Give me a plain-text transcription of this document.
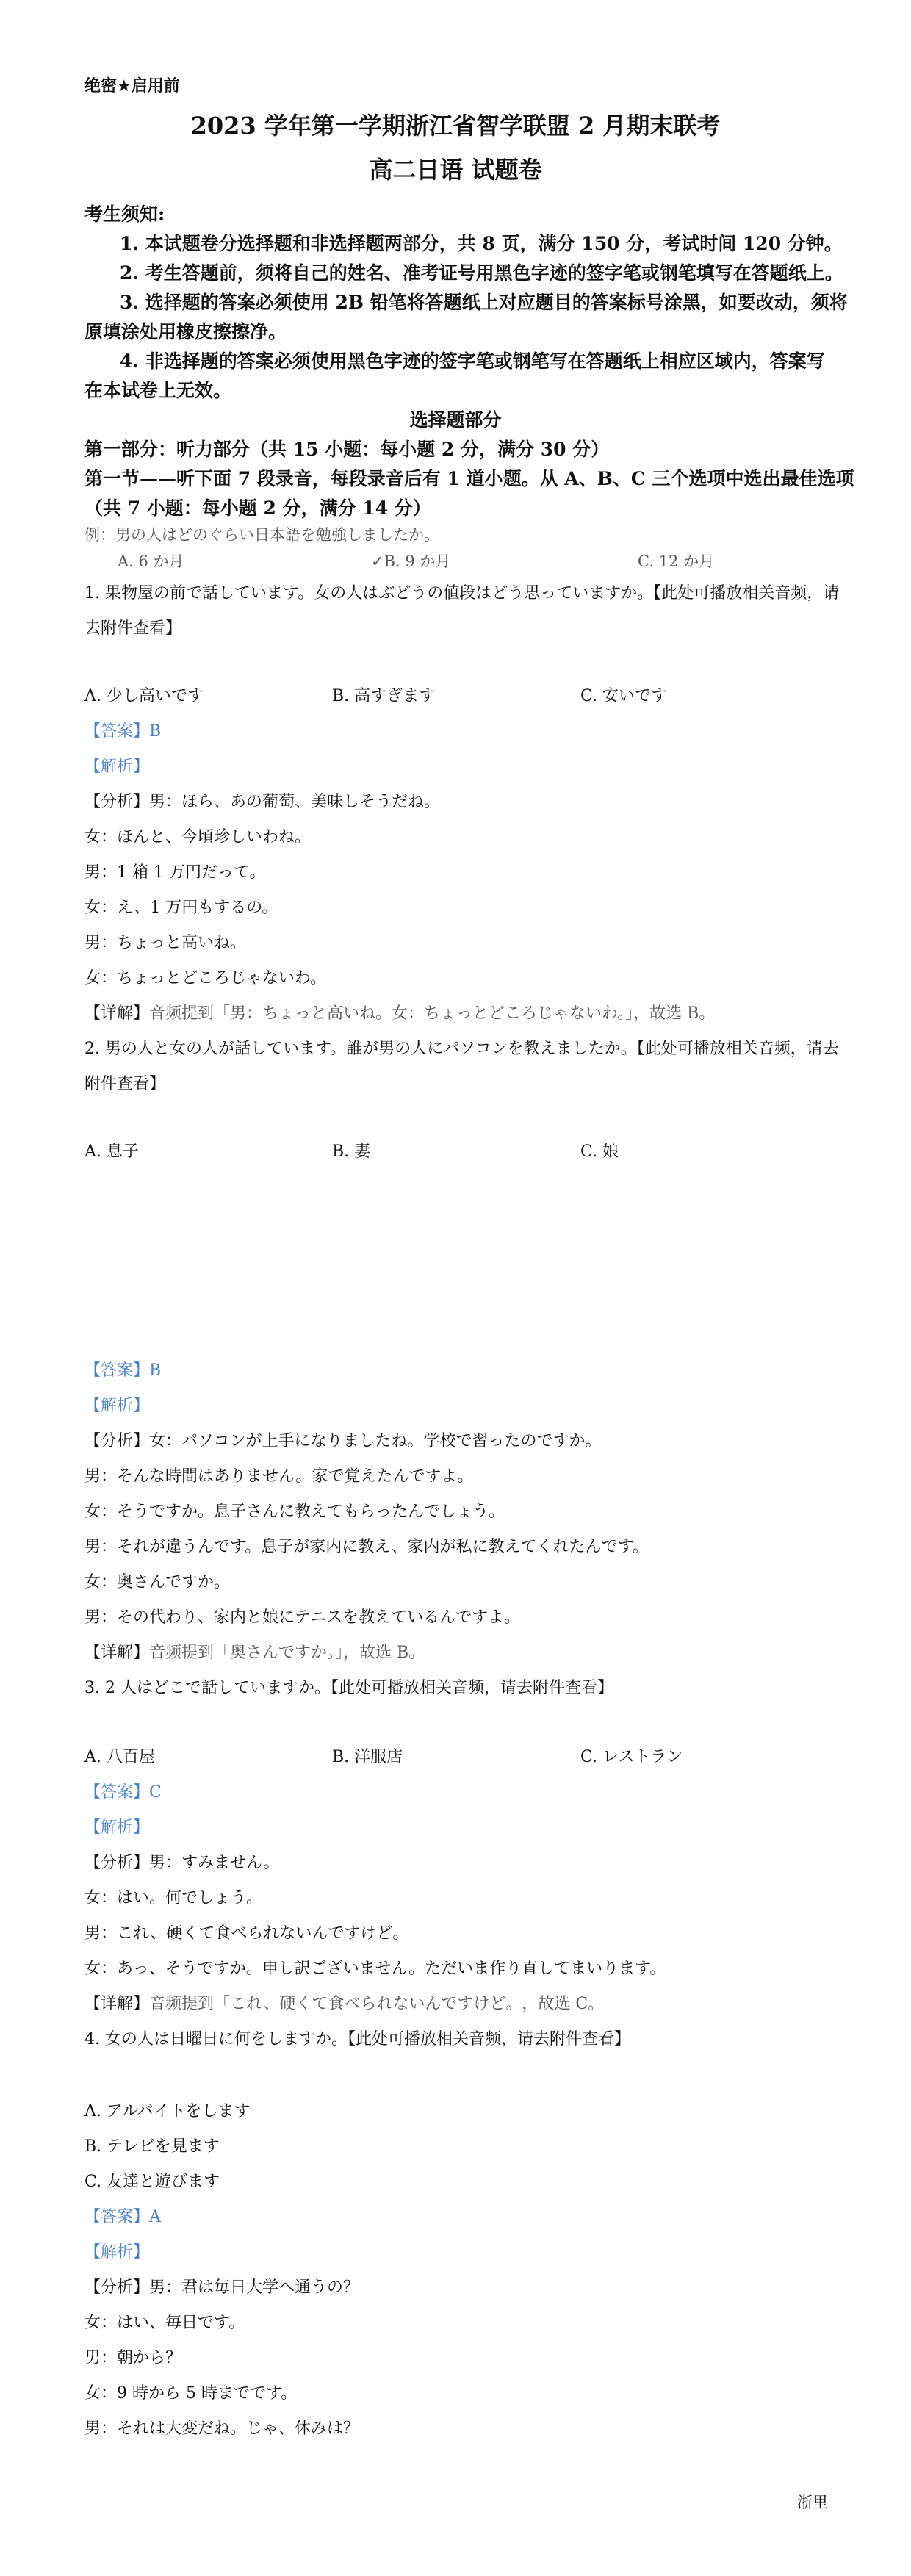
绝密★启用前
2023 学年第一学期浙江省智学联盟 2 月期末联考
高二日语 试题卷
考生须知:
1. 本试题卷分选择题和非选择题两部分，共 8 页，满分 150 分，考试时间 120 分钟。
2. 考生答题前，须将自己的姓名、准考证号用黑色字迹的签字笔或钢笔填写在答题纸上。
3. 选择题的答案必须使用 2B 铅笔将答题纸上对应题目的答案标号涂黑，如要改动，须将
原填涂处用橡皮擦擦净。
4. 非选择题的答案必须使用黑色字迹的签字笔或钢笔写在答题纸上相应区域内，答案写
在本试卷上无效。
选择题部分
第一部分：听力部分（共 15 小题：每小题 2 分，满分 30 分）
第一节——听下面 7 段录音，每段录音后有 1 道小题。从 A、B、C 三个选项中选出最佳选项
（共 7 小题：每小题 2 分，满分 14 分）
例：男の人はどのぐらい日本語を勉強しましたか。
A. 6 か月	✓B. 9 か月	C. 12 か月
1. 果物屋の前で話しています。女の人はぶどうの値段はどう思っていますか。【此处可播放相关音频，请
去附件查看】
A. 少し高いです	B. 高すぎます	C. 安いです
【答案】B
【解析】
【分析】男：ほら、あの葡萄、美味しそうだね。
女：ほんと、今頃珍しいわね。
男：1 箱 1 万円だって。
女：え、1 万円もするの。
男：ちょっと高いね。
女：ちょっとどころじゃないわ。
【详解】音频提到「男：ちょっと高いね。女：ちょっとどころじゃないわ。」，故选 B。
2. 男の人と女の人が話しています。誰が男の人にパソコンを教えましたか。【此处可播放相关音频，请去
附件查看】
A. 息子	B. 妻	C. 娘
【答案】B
【解析】
【分析】女：パソコンが上手になりましたね。学校で習ったのですか。
男：そんな時間はありません。家で覚えたんですよ。
女：そうですか。息子さんに教えてもらったんでしょう。
男：それが違うんです。息子が家内に教え、家内が私に教えてくれたんです。
女：奥さんですか。
男：その代わり、家内と娘にテニスを教えているんですよ。
【详解】音频提到「奥さんですか。」，故选 B。
3. 2 人はどこで話していますか。【此处可播放相关音频，请去附件查看】
A. 八百屋	B. 洋服店	C. レストラン
【答案】C
【解析】
【分析】男：すみません。
女：はい。何でしょう。
男：これ、硬くて食べられないんですけど。
女：あっ、そうですか。申し訳ございません。ただいま作り直してまいります。
【详解】音频提到「これ、硬くて食べられないんですけど。」，故选 C。
4. 女の人は日曜日に何をしますか。【此处可播放相关音频，请去附件查看】
A. アルバイトをします
B. テレビを見ます
C. 友達と遊びます
【答案】A
【解析】
【分析】男：君は毎日大学へ通うの？
女：はい、毎日です。
男：朝から？
女：9 時から 5 時までです。
男：それは大変だね。じゃ、休みは？
浙里
